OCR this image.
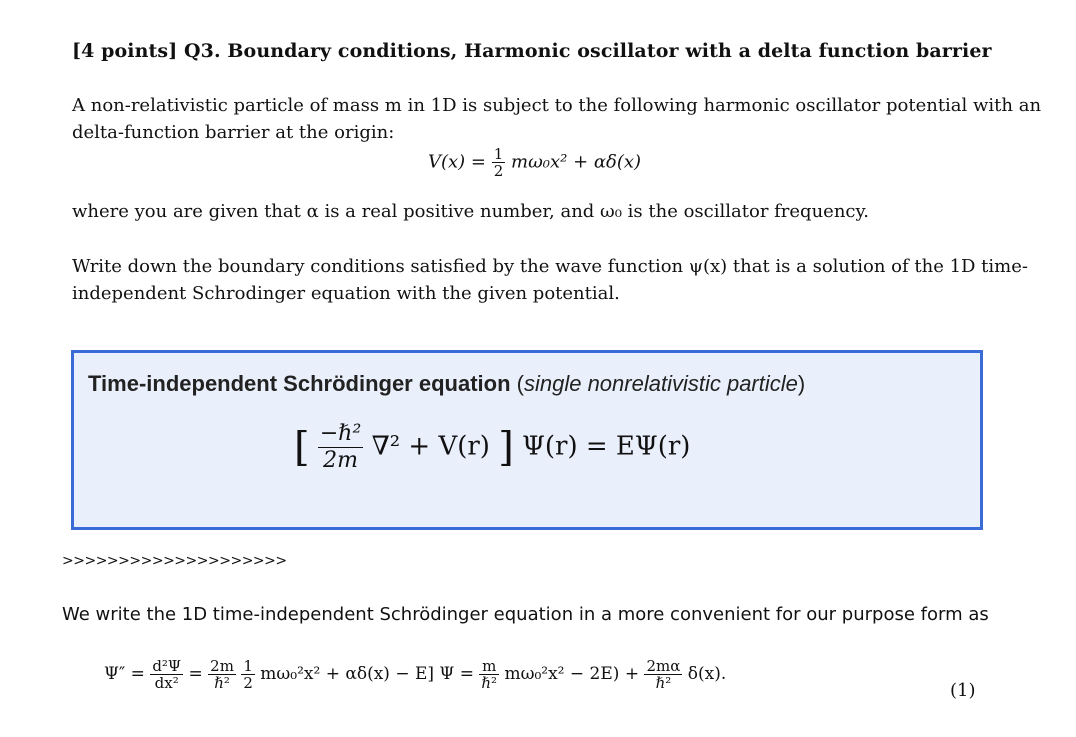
[4 points] Q3. Boundary conditions, Harmonic oscillator with a delta function barrier
A non-relativistic particle of mass m in 1D is subject to the following harmonic oscillator potential with an delta-function barrier at the origin:
$V(x) = \frac{1}{2} m\omega_0x^2 + \alpha\delta(x)$
where you are given that α is a real positive number, and ω₀ is the oscillator frequency.
Write down the boundary conditions satisfied by the wave function ψ(x) that is a solution of the 1D time-independent Schrodinger equation with the given potential.
Time-independent Schrödinger equation (single nonrelativistic particle)
[ $\frac{\text{−ℏ²}}{2m} \nabla^2 + V(r)$ ] Ψ(r) = EΨ(r)
>>>>>>>>>>>>>>>>>>>>
We write the 1D time-independent Schrödinger equation in a more convenient for our purpose form as
$\Psi'' = \frac{\text{d²Ψ}}{\text{dx²}} = \frac{2m}{\text{ℏ²}}$
$\frac{1}{2} m\omega_0^2x^2 + \alpha\delta(x) - E$] $\Psi = \frac{m}{\text{ℏ²}} m\omega_0^2x^2 - 2E) + \frac{2m\alpha}{\text{ℏ²}} \delta(x)$.
(1)
